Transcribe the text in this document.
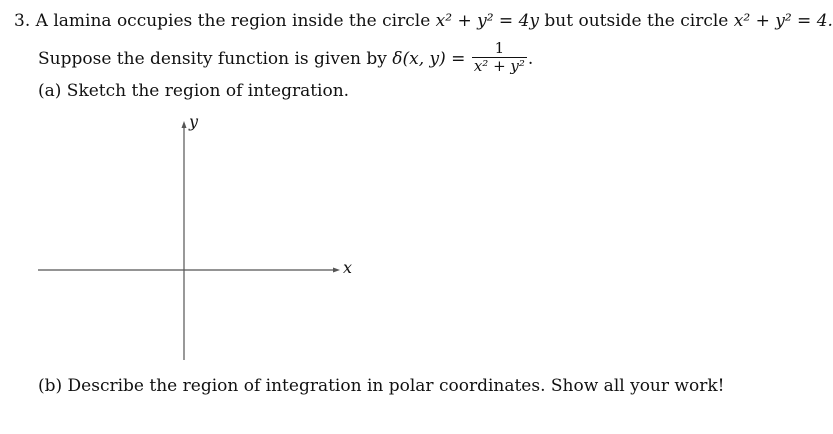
3. A lamina occupies the region inside the circle x² + y² = 4y but outside the circle x² + y² = 4.
Suppose the density function is given by δ(x, $y) = \frac{1}{\text{x² + y²}}$ .
(a) Sketch the region of integration.
y
x
(b) Describe the region of integration in polar coordinates. Show all your work!
